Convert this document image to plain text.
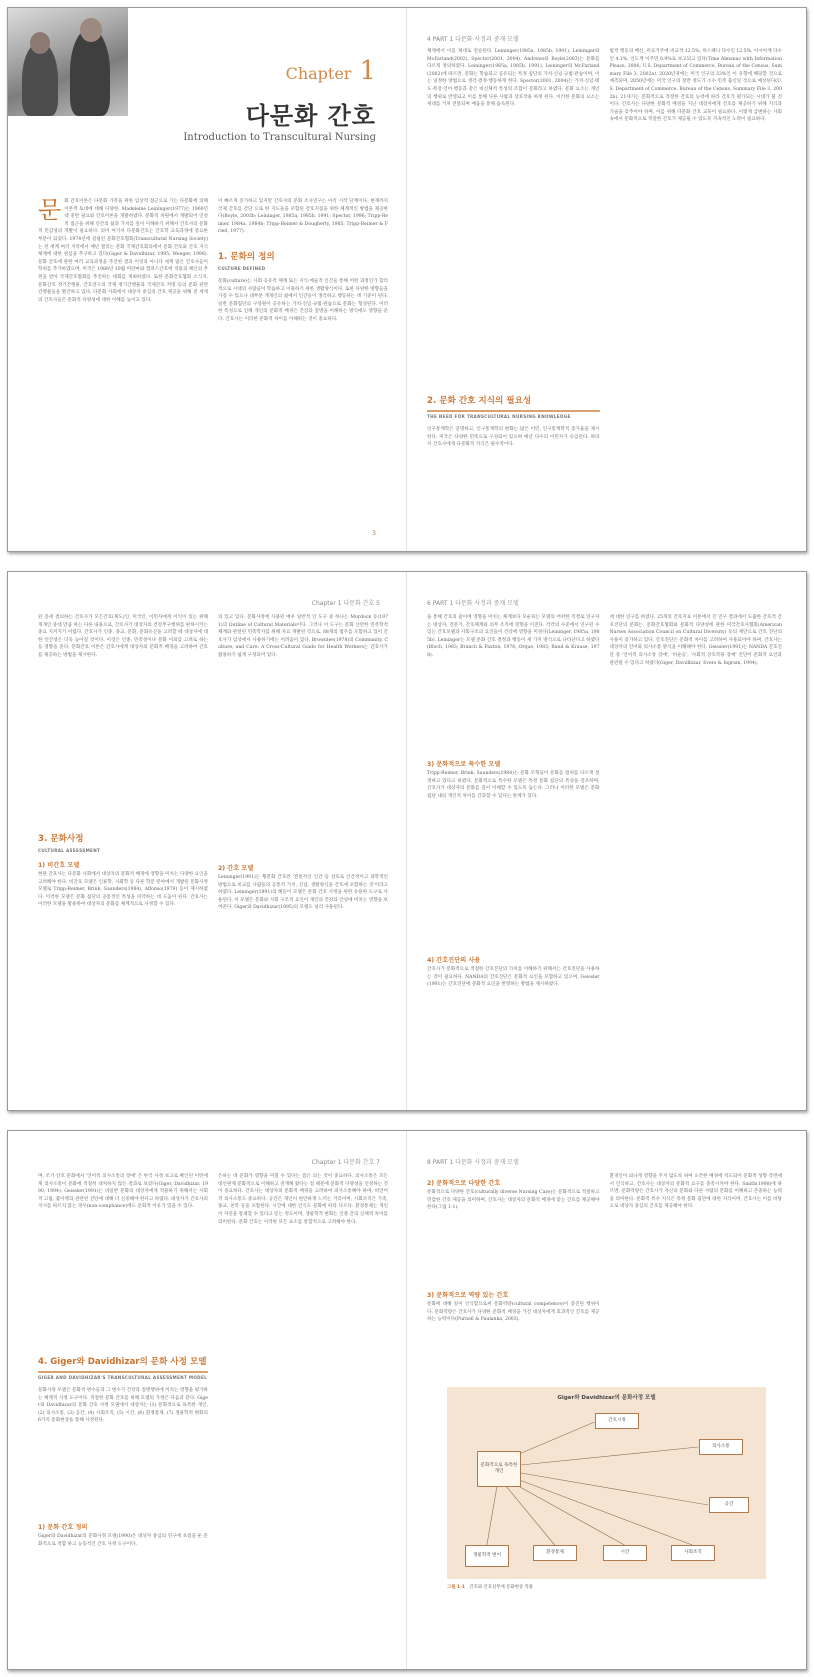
Chapter 1
다문화 간호
Introduction to Transcultural Nursing
문 화 간호이론은 다문화 가족을 위한 임상적 접근으로 가는 다문화에 의해 이론적 토대에 대해 다양한, Madeleine Leininger(1977)는 1960년대 중반 필요와 간호이론을 개발하였다. 문화적 차원에서 개발되어 인성적 접근을 위해 인간의 삶과 가치를 깊이 이해하기 위해서 간호사의 문화적 민감성의 개발이 필요하다. 의미 여기서 다문화간호는 간호학 교육과정에 중요한 부분이 되었다. 1974년에 설립된 문화간호협회(Transcultural Nursing Society)는 전 세계 여러 지역에서 매년 열리는 문화 국제간호회의에서 문화 간호와 간호 지식체계에 대한 관심을 추구하고 있다(Giger & Davidhizar, 1995; Wenger, 1998). 문화 간호에 관한 여러 교육과정을 추진한 결과 이것과 아니다 세계 많은 간호사들이 학위를 추가하였으며, 미국은 1988년 10월 미얀마와 캠퍼스간호에 적용과 체인의 추천을 받아 국제간호협회를 추진하는 대회를 개최하였다. 또한 문화간호협회 소식지, 문화간호 정기간행물, 간호연구의 국제 정기간행물과 국제간호 저명 등의 문화 관련 간행물들을 발간하고 있다. 다문화 사회에서 대상자 중심의 간호 제공을 위해 전 세계의 간호사들은 문화적 다양성에 대한 이해를 높이고 있다.
이 빠르게 증가하고 있지만 간호사의 문화 조사연구는 아직 시작 단계이다. 현재까지 국제 간호를 간단 으로 한 지도들을 포함된 간호지침을 위한 체계적인 방법을 제공한다(Boyle, 2003b; Leininger, 1985a, 1985b, 1991; Spector, 1996; Tripp-Reimer, 1984a, 1984b; Tripp-Reimer & Dougherty, 1985; Tripp-Reimer & Fried, 1977).
1. 문화의 정의
CULTURE DEFINED
문화(culture)는 사회 공유적 체계 또는 지식·예술적 인간들 통해 어떤 과정인가 합리적으로 시대의 사람들이 학습하고 이용하기 위한 생활양식이다. 또한 다양한 방향들을 가질 수 있으나 대부분 개개인의 삶에서 인간들이 생각하고 행동하는 데 기준이 된다. 일반 문화집단의 구성원이 공유하는 가치·신념·규범·관습으로 문화는 형성된다. 이러한 특성으로 인해 개인의 문화적 배경은 건강과 질병을 이해하는 방식에도 영향을 준다. 간호사는 이러한 문화적 차이를 이해하는 것이 중요하다.
3
4 PART 1 다문화 사정과 중재 모델
체계에서 이를 제대로 전승된다. Leininger(1985a, 1985b, 1991), Leininger와 McFarland(2002), Spector(2001, 2004), Andrews와 Boyle(2003)는 문화를 다르게 정의하였다. Leininger(1985a, 1985b, 1991), Leininger와 McFarland(2002)에 따르면, 문화는 학습되고 공유되는 특정 집단의 가치·신념·규범·관습이며, 이는 일정한 방법으로 생각·결정·행동하게 한다. Spector(2001, 2004)는 가치·신념·태도·복장·언어·행동과 같은 비신체적 특성의 조합이 문화라고 하였다. 문화 요소는 개인의 행위로 반영되고 이를 통해 다른 사람과 상호작용 하게 된다. 이러한 문화의 요소는 세대를 거쳐 전달되며 배움을 통해 습득된다.
2. 문화 간호 지식의 필요성
THE NEED FOR TRANSCULTURAL NURSING KNOWLEDGE
인구통계학은 증명하고, 인구통계학의 변화는 많은 이민, 인구통계학적 증가율을 제시한다. 미국은 다양한 민족으로 구성되어 있으며 매년 다수의 이민자가 유입된다. 따라서 간호사에게 다문화적 지식은 필수적이다.
범적 행동의 배신, 미료거주에 비교적 12.5%, 히스패닉 다수인 12.5%, 아시아계 다수인 4.1%, 인도계 이주민 0.9%로 보고되고 있다(Time Almanac with Information Please, 2006; U.S. Department of Commerce, Bureau of the Census, Summary File 3, 2002a). 2020년경에는 미국 인구의 33%인 이 유형에 해당할 것으로 예측되며, 2050년에는 미국 인구의 절반 정도가 소수 민족 출신일 것으로 예상된다(U.S. Department of Commerce, Bureau of the Census, Summary File 3, 2002b). 21세기는 문화적으로 적절한 간호의 능력에 따라 간호가 평가되는 시대가 될 것이다. 간호사는 다양한 문화적 배경을 지닌 대상자에게 간호를 제공하기 위해 지식과 기술을 갖추어야 하며, 이를 위해 다문화 간호 교육이 필요하다. 이렇게 급변하는 사회 속에서 문화적으로 적절한 간호가 제공될 수 있도록 지속적인 노력이 필요하다.
Chapter 1 다문화 간호 5
된 증세 결의하는 간호사가 모든간호(제도)인, 미국인, 이민자에게 이익이 있는 위해 개개인 중대 만큼 하는 다른 내용으로, 간호사가 대상자의 건강추구행위를 판하시키는 중요 지켜지기 어렵다. 간호사가 인종, 종교, 문화, 문화유산을 고려할 때 대상자에 대한 인간성은 더욱 높아질 것이다. 이것은 인종, 민족성이나 문화 이외를 고려로 하는 등 영향을 준다. 문화간호 이론은 간호사에게 대상자의 문화적 배경을 고려하여 간호를 제공하는 방법을 제시한다.
3. 문화사정
CULTURAL ASSESSMENT
1) 비간호 모델
현관 간호사는 다문화 사회에서 대상자의 문화적 배경에 영향을 미치는 다양한 요인을 고려해야 한다. 비간호 모델은 인류학, 사회학 등 다른 학문 분야에서 개발된 문화사정 모델로 Tripp-Reimer, Brink, Saunders(1984), Affonso(1979) 등이 제시하였다. 이러한 모델은 문화 집단의 공통적인 특성을 파악하는 데 도움이 된다. 간호사는 이러한 모델을 활용하여 대상자의 문화를 체계적으로 사정할 수 있다.
의 있고 있다. 문화사정에 사용된 매우 일반적 인 도구 중 하나는 Murdock 등(1971)의 Outline of Cultural Materials이다. 그러나 이 도구는 문화 산만한 민족학적 체계와 관련된 민족학자를 위해 자료 개발된 것으로, 88개의 범주를 포함하고 있어 간호사가 임상에서 사용하기에는 어려움이 있다. Brownlee(1978)의 Community, Culture, and Care: A Cross-Cultural Guide for Health Workers는 간호사가 활용하기 쉽게 구성되어 있다.
2) 간호 모델
Leininger(1991)는 횡문화 간호란 '전통적인 인간 등 상호로 인간적이고 과학적인 방법으로 비교를 사람들의 공통적 가치, 신념, 생활양식을 간호에 포함하는 것'이라고 하였다. Leininger(1991)의 해돋이 모델은 문화 간호 사정을 위한 유용한 도구로 사용된다. 이 모델은 문화와 사회 구조적 요인이 개인의 건강과 안녕에 미치는 영향을 보여준다. Giger와 Davidhizar(1995)의 모델도 널리 사용된다.
6 PART 1 다문화 사정과 중재 모델
을 통해 간호의 즐이에 영향을 미치는 체계보다 모순되는 모델의 어떠한 직결로 연구자는 대상자, 전문가, 간호체계와 의무 조직에 영향을 이전다. 각각의 수준에서 연구된 수 있는 간호모델과 사회구조의 요인들이 건강에 영향을 미친다(Leininger, 1985a, 1985b). Leininger는 모델 문화 간호 결정과 행동이 세 가지 방식으로 나타난다고 하였다(Bloch, 1983; Branch & Paxton, 1976; Orque, 1983; Rund & Krause, 1978).
3) 문화적으로 특수한 모델
Tripp-Reimer, Brink, Saunders(1984)는 문화 모형들이 문화를 범위를 다르게 설정하고 있다고 하였다. 문화적으로 특수한 모델은 특정 문화 집단의 특성을 강조하며, 간호사가 대상자의 문화를 깊이 이해할 수 있도록 돕는다. 그러나 이러한 모델은 문화 집단 내의 개인적 차이를 간과할 수 있다는 한계가 있다.
4) 간호진단의 사용
간호사가 문화적으로 적절한 간호진단의 가치를 이해하기 위해서는 간호진단을 사용하는 것이 필요하다. NANDA의 간호진단은 문화적 요인을 포함하고 있으며, Geissler(1991)는 간호진단에 문화적 요인을 반영하는 방법을 제시하였다.
에 대한 연구를 하였다. 25개의 간호지표 이론에서 진 연구 결과에서 도출한 간호적 간호진단의 문화는, 문화간호협회와 문화적 다양성에 관한 미국간호사협회(American Nurses Association Council on Cultural Diversity) 등의 제안으로 간호 진단의 사용이 증가하고 있다. 간호진단은 문화적 차이를 고려하여 사용되어야 하며, 간호사는 대상자의 언어와 의사소통 방식을 이해해야 한다. Geissler(1991)는 NANDA 간호진단 중 '언어적 의사소통 장애', '비순응', '사회적 상호작용 장애' 진단이 문화적 요인과 관련될 수 있다고 하였다(Giger, Davidhizar, Evers & Ingram, 1994).
Chapter 1 다문화 간호 7
며, 조기 간호 문화에서 '언어적 의사소통의 장애' 은 한국 사정 보고로 확인된 이민에게 의사소통이 문화에 적절히 대처하지 않은 결과로 보았다(Giger, Davidhizar, 1990, 1994). Geissler(1991)는 비일반 문화의 대상자에게 적용하기 위해서는 사회적 고립, 불이행과 관련된 진단에 대해 더 신중해야 한다고 하였다. 대상자가 간호사의 지시를 따르지 않는 경우(non-compliance)에도 문화적 이유가 있을 수 있다.
4. Giger와 Davidhizar의 문화 사정 모델
GIGER AND DAVIDHIZAR'S TRANSCULTURAL ASSESSMENT MODEL
문화사정 모델은 문화적 변수들과 그 변수가 건강과 질병행위에 미치는 영향을 평가하는 체계적 사정 도구이다. 적절한 문화 간호를 위해 모델의 가정은 다음과 같다. Giger와 Davidhizar의 문화 간호 사정 모델에서 대상자는 (1) 문화적으로 독특한 개인, (2) 의사소통, (3) 공간, (4) 사회조직, (5) 시간, (6) 환경통제, (7) 생물학적 변화의 6가지 문화현상을 통해 사정된다.
1) 문화 간호 정의
Giger와 Davidhizar의 문화사정 모델(1990)은 대상자 중심의 연구에 초점을 둔 문화적으로 적합 하고 능동적인 간호 사정 도구이다.
은하는 데 문화가 영향을 미칠 수 있다는 점은 의는 것이 중요하다. 의사소통은 모든 대인관계 문화적으로 이해하고 전개해 왔다는 점 때문에 문화적 다양성을 인정하는 것이 중요하다. 간호사는 대상자의 문화적 배경을 고려하여 의사소통해야 하며, 비언어적 의사소통도 중요하다. 공간은 개인이 편안하게 느끼는 거리이며, 사회조직은 가족, 종교, 친족 등을 포함한다. 시간에 대한 인식도 문화에 따라 다르다. 환경통제는 개인이 자연을 통제할 수 있다고 믿는 정도이며, 생물학적 변화는 인종 간의 신체적 차이를 의미한다. 문화 간호는 이러한 모든 요소를 통합적으로 고려해야 한다.
8 PART 1 다문화 사정과 중재 모델
2) 문화적으로 다양한 간호
문화적으로 다양한 간호(culturally diverse Nursing Care)는 문화적으로 적절하고 민감한 간호 제공을 의미하며, 간호사는 대상자의 문화적 배경에 맞는 간호를 제공해야 한다(그림 1-1).
3) 문화적으로 역량 있는 간호
문화에 대해 깊이 인식함으로써 문화역량(cultural competence)이 증진된 행위이다. 문화역량은 간호사가 다양한 문화적 배경을 가진 대상자에게 효과적인 간호를 제공하는 능력이다(Purnell & Paulanka, 2003).
환경인이 외나게 영향을 주지 않도록 하여 오픈한 배경에 적도되어 문화적 성향 측면에서 인식하고, 간호사는 대상자의 문화적 요구를 충족시켜야 한다. Smith(1998)에 따르면, 문화역량은 간호사가 자신의 문화와 다른 사람의 문화를 이해하고 존중하는 능력을 의미한다. 문화적 특수 지식은 특정 문화 집단에 대한 지식이며, 간호사는 이를 바탕으로 대상자 중심의 간호를 제공해야 한다.
Giger와 Davidhizar의 문화사정 모델
문화적으로 독특한 개인
간호시정
의사소통
공간
생물학적 변이
환경통제	시간	사회조직
그림 1-1 간호와 간호실무에 문화현상 적용
